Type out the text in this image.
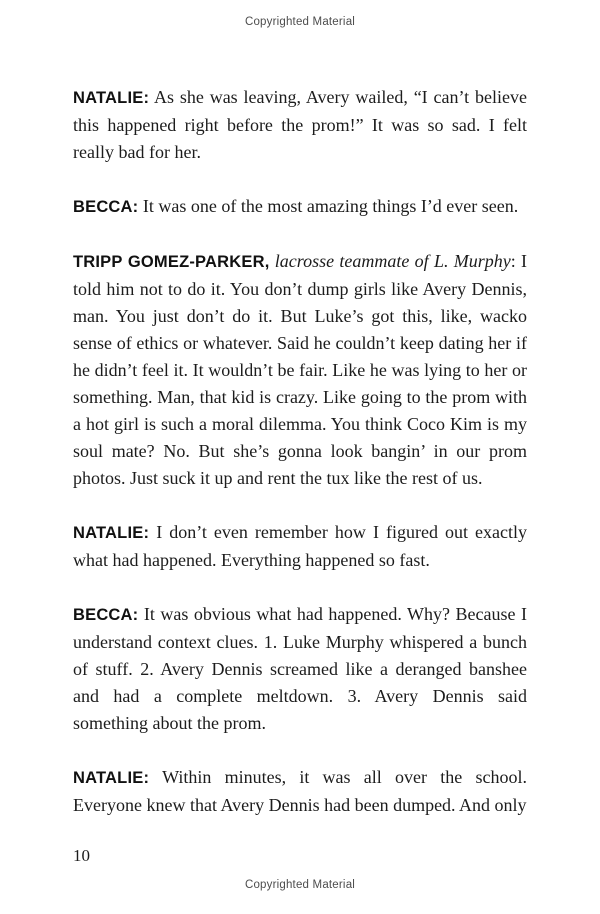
Copyrighted Material

NATALIE: As she was leaving, Avery wailed, “I can’t believe this happened right before the prom!” It was so sad. I felt really bad for her.

BECCA: It was one of the most amazing things I’d ever seen.

TRIPP GOMEZ-PARKER, lacrosse teammate of L. Murphy: I told him not to do it. You don’t dump girls like Avery Dennis, man. You just don’t do it. But Luke’s got this, like, wacko sense of ethics or whatever. Said he couldn’t keep dating her if he didn’t feel it. It wouldn’t be fair. Like he was lying to her or something. Man, that kid is crazy. Like going to the prom with a hot girl is such a moral dilemma. You think Coco Kim is my soul mate? No. But she’s gonna look bangin’ in our prom photos. Just suck it up and rent the tux like the rest of us.

NATALIE: I don’t even remember how I figured out exactly what had happened. Everything happened so fast.

BECCA: It was obvious what had happened. Why? Because I understand context clues. 1. Luke Murphy whispered a bunch of stuff. 2. Avery Dennis screamed like a deranged banshee and had a complete meltdown. 3. Avery Dennis said something about the prom.

NATALIE: Within minutes, it was all over the school. Everyone knew that Avery Dennis had been dumped. And only

10
Copyrighted Material
